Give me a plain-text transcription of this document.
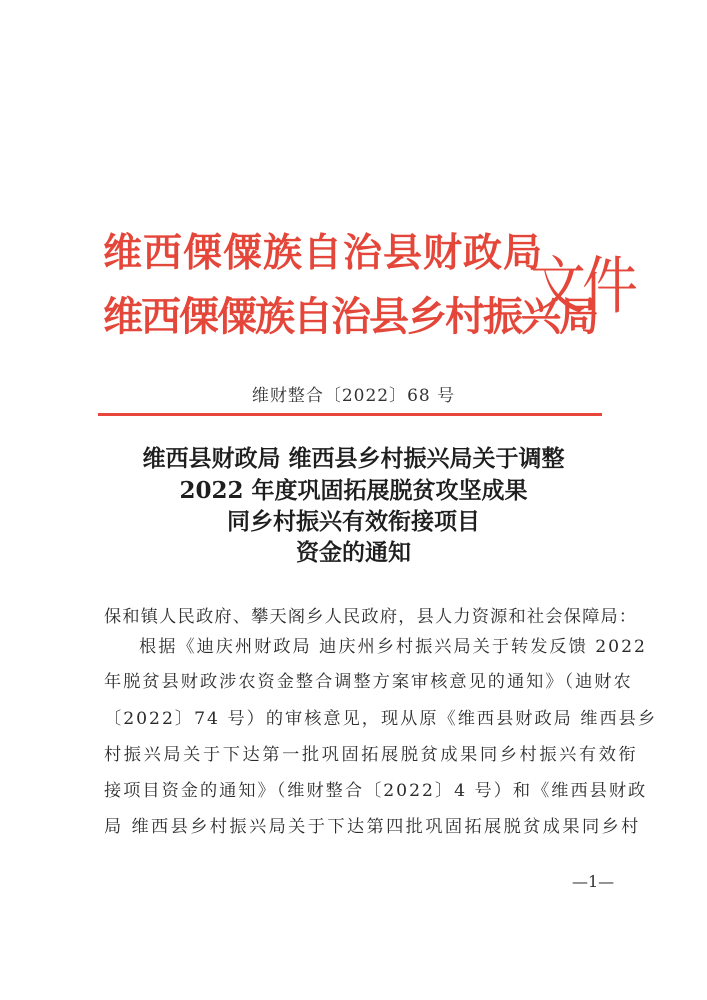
维西傈僳族自治县财政局
维西傈僳族自治县乡村振兴局
文件
维财整合〔2022〕68 号
维西县财政局 维西县乡村振兴局关于调整
2022 年度巩固拓展脱贫攻坚成果
同乡村振兴有效衔接项目
资金的通知
保和镇人民政府、攀天阁乡人民政府，县人力资源和社会保障局：
根据《迪庆州财政局 迪庆州乡村振兴局关于转发反馈 2022
年脱贫县财政涉农资金整合调整方案审核意见的通知》（迪财农
〔2022〕74 号）的审核意见，现从原《维西县财政局 维西县乡
村振兴局关于下达第一批巩固拓展脱贫成果同乡村振兴有效衔
接项目资金的通知》（维财整合〔2022〕4 号）和《维西县财政
局 维西县乡村振兴局关于下达第四批巩固拓展脱贫成果同乡村
—1—
